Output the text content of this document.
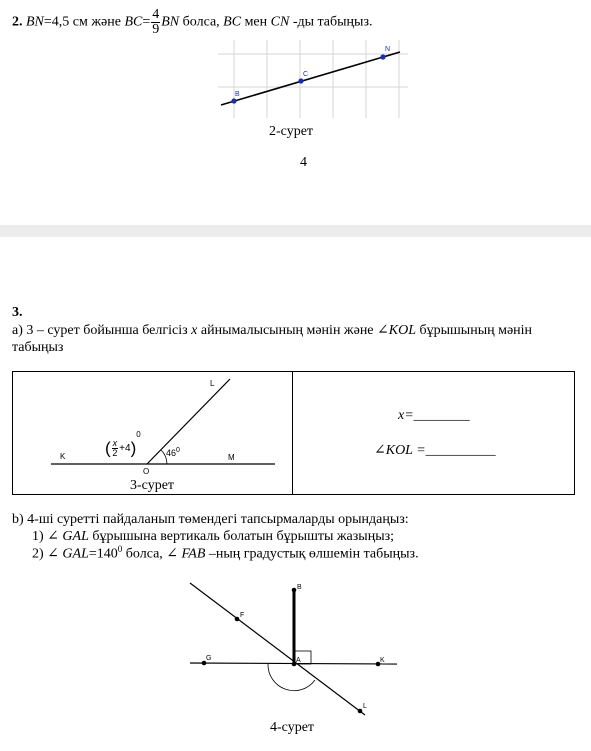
2. BN=4,5 см және $BC= \frac{4}{9}$ BN болса, BC мен CN -ды табыңыз.
B
C
N
2-сурет
4
3.
а) 3 – сурет бойынша белгісіз x айнымалысының мәнін және ∠KOL бұрышының мәнін
табыңыз
L
K
O
M
( $\frac{x}{2} +4)^0$
$46^0$
3-сурет
x=________
∠KOL =__________
b) 4-ші суретті пайдаланып төмендегі тапсырмаларды орындаңыз:
1) ∠ GAL бұрышына вертикаль болатын бұрышты жазыңыз;
2) ∠ $GAL=140^0$ болса, ∠ FAB –ның градустық өлшемін табыңыз.
B
F
G	A	K
L
4-сурет
